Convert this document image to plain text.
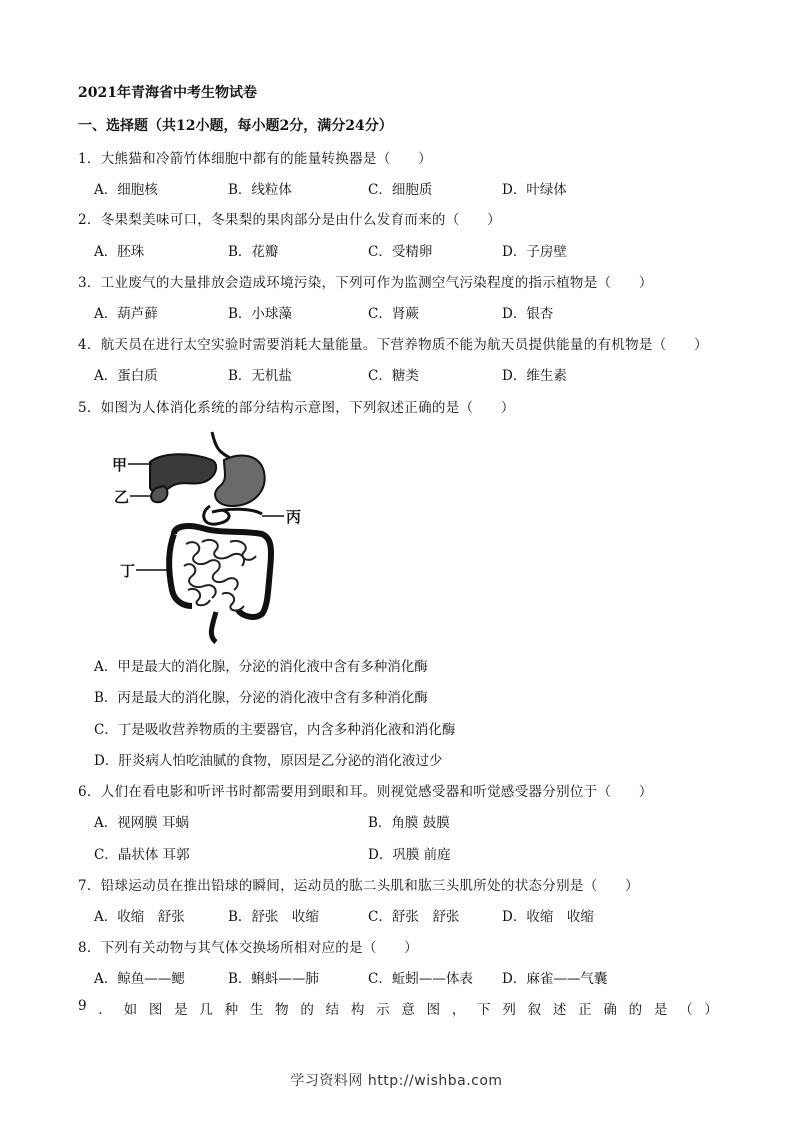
2021年青海省中考生物试卷
一、选择题（共12小题，每小题2分，满分24分）
1．大熊猫和冷箭竹体细胞中都有的能量转换器是（　　）
A．细胞核	B．线粒体	C．细胞质	D．叶绿体
2．冬果梨美味可口，冬果梨的果肉部分是由什么发育而来的（　　）
A．胚珠	B．花瓣	C．受精卵	D．子房壁
3．工业废气的大量排放会造成环境污染，下列可作为监测空气污染程度的指示植物是（　　）
A．葫芦藓	B．小球藻	C．肾蕨	D．银杏
4．航天员在进行太空实验时需要消耗大量能量。下营养物质不能为航天员提供能量的有机物是（　　）
A．蛋白质	B．无机盐	C．糖类	D．维生素
5．如图为人体消化系统的部分结构示意图，下列叙述正确的是（　　）
甲
乙
丙
丁
A．甲是最大的消化腺，分泌的消化液中含有多种消化酶
B．丙是最大的消化腺，分泌的消化液中含有多种消化酶
C．丁是吸收营养物质的主要器官，内含多种消化液和消化酶
D．肝炎病人怕吃油腻的食物，原因是乙分泌的消化液过少
6．人们在看电影和听评书时都需要用到眼和耳。则视觉感受器和听觉感受器分别位于（　　）
A．视网膜 耳蜗	B．角膜 鼓膜
C．晶状体 耳郭	D．巩膜 前庭
7．铅球运动员在推出铅球的瞬间，运动员的肱二头肌和肱三头肌所处的状态分别是（　　）
A．收缩　舒张	B．舒张　收缩	C．舒张　舒张	D．收缩　收缩
8．下列有关动物与其气体交换场所相对应的是（　　）
A．鲸鱼——鳃	B．蝌蚪——肺	C．蚯蚓——体表 D．麻雀——气囊
9 ． 如 图 是 几 种 生 物 的 结 构 示 意 图 ， 下 列 叙 述 正 确 的 是 （ ）
学习资料网 http://wishba.com
